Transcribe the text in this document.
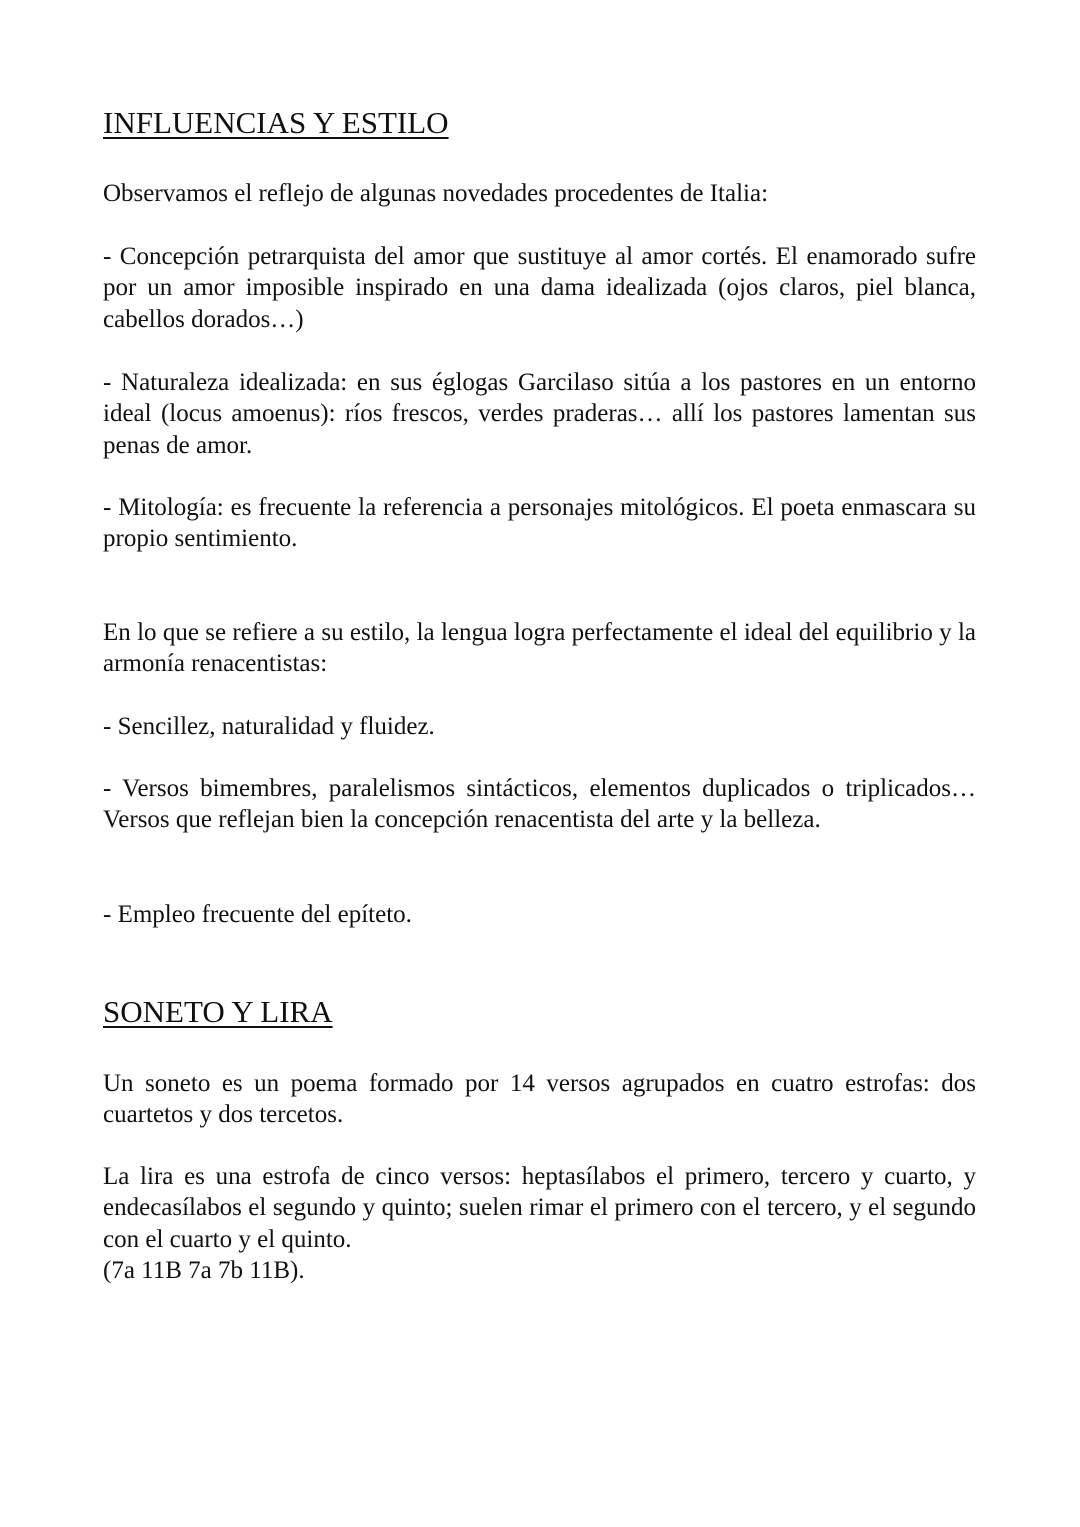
INFLUENCIAS Y ESTILO

Observamos el reflejo de algunas novedades procedentes de Italia:

- Concepción petrarquista del amor que sustituye al amor cortés. El enamorado sufre por un amor imposible inspirado en una dama idealizada (ojos claros, piel blanca, cabellos dorados…)

- Naturaleza idealizada: en sus églogas Garcilaso sitúa a los pastores en un entorno ideal (locus amoenus): ríos frescos, verdes praderas… allí los pastores lamentan sus penas de amor.

- Mitología: es frecuente la referencia a personajes mitológicos. El poeta enmascara su propio sentimiento.

En lo que se refiere a su estilo, la lengua logra perfectamente el ideal del equilibrio y la armonía renacentistas:

- Sencillez, naturalidad y fluidez.

- Versos bimembres, paralelismos sintácticos, elementos duplicados o triplicados… Versos que reflejan bien la concepción renacentista del arte y la belleza.

- Empleo frecuente del epíteto.

SONETO Y LIRA

Un soneto es un poema formado por 14 versos agrupados en cuatro estrofas: dos cuartetos y dos tercetos.

La lira es una estrofa de cinco versos: heptasílabos el primero, tercero y cuarto, y endecasílabos el segundo y quinto; suelen rimar el primero con el tercero, y el segundo con el cuarto y el quinto.

(7a 11B 7a 7b 11B).
